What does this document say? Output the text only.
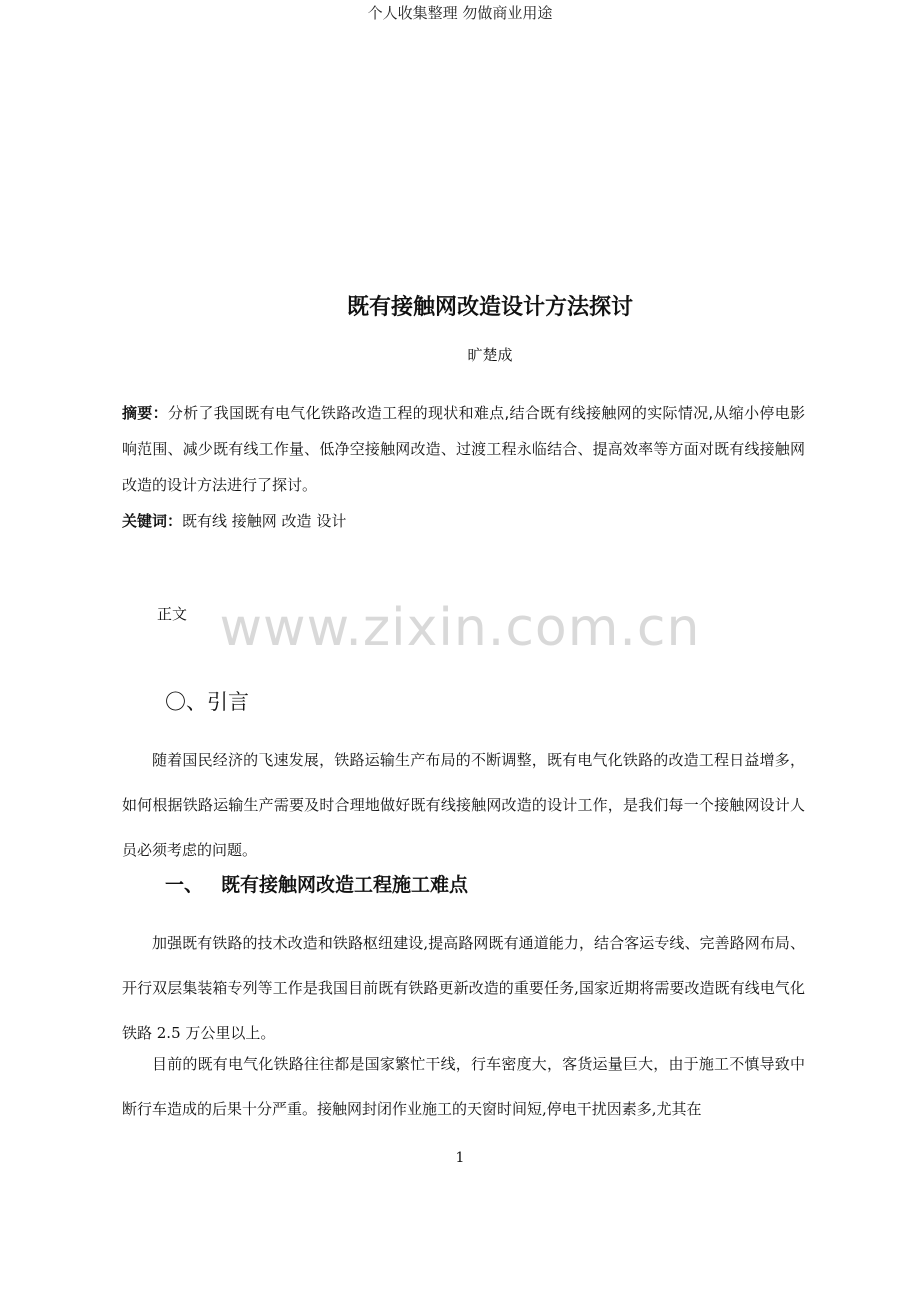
个人收集整理 勿做商业用途
既有接触网改造设计方法探讨
旷楚成
摘要：分析了我国既有电气化铁路改造工程的现状和难点,结合既有线接触网的实际情况,从缩小停电影响范围、减少既有线工作量、低净空接触网改造、过渡工程永临结合、提高效率等方面对既有线接触网改造的设计方法进行了探讨。
关键词：既有线 接触网 改造 设计
www.zixin.com.cn
正文
〇、引言
随着国民经济的飞速发展，铁路运输生产布局的不断调整，既有电气化铁路的改造工程日益增多，如何根据铁路运输生产需要及时合理地做好既有线接触网改造的设计工作，是我们每一个接触网设计人员必须考虑的问题。
一、 既有接触网改造工程施工难点
加强既有铁路的技术改造和铁路枢纽建设,提高路网既有通道能力，结合客运专线、完善路网布局、开行双层集装箱专列等工作是我国目前既有铁路更新改造的重要任务,国家近期将需要改造既有线电气化铁路 2.5 万公里以上。
目前的既有电气化铁路往往都是国家繁忙干线，行车密度大，客货运量巨大，由于施工不慎导致中断行车造成的后果十分严重。接触网封闭作业施工的天窗时间短,停电干扰因素多,尤其在
1
